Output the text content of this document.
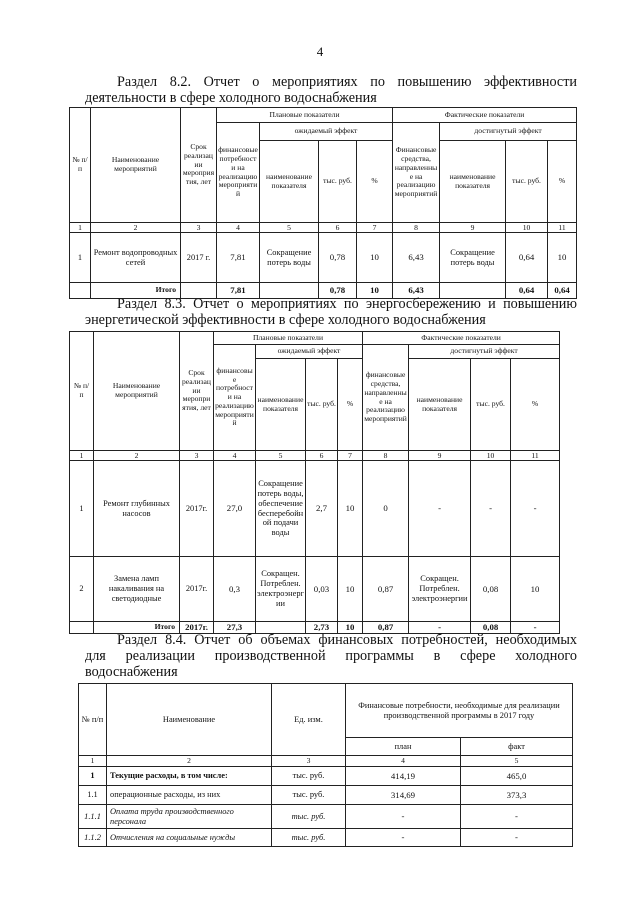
4
Раздел 8.2. Отчет о мероприятиях по повышению эффективности
деятельности в сфере холодного водоснабжения
№ п/ п	Наименование мероприятий	Срок реализации мероприятия, лет	Плановые показатели				Фактические показатели			
			финансовые потребности на реализацию мероприятий	ожидаемый эффект			Финансовые средства, направленные на реализацию мероприятий	достигнутый эффект		
				наименование показателя	тыс. руб.	%		наименование показателя	тыс. руб.	%
1	2	3	4	5	6	7	8	9	10	11
1	Ремонт водопроводных сетей	2017 г.	7,81	Сокращение потерь воды	0,78	10	6,43	Сокращение потерь воды	0,64	10
	Итого		7,81		0,78	10	6,43		0,64	0,64
Раздел 8.3. Отчет о мероприятиях по энергосбережению и повышению
энергетической эффективности в сфере холодного водоснабжения
№ п/ п	Наименование мероприятий	Срок реализации мероприятия, лет	Плановые показатели				Фактические показатели			
			финансовые потребности на реализацию мероприятий	ожидаемый эффект			финансовые средства, направленные на реализацию мероприятий	достигнутый эффект		
				наименование показателя	тыс. руб.	%		наименование показателя	тыс. руб.	%
1	2	3	4	5	6	7	8	9	10	11
1	Ремонт глубинных насосов	2017г.	27,0	Сокращение потерь воды, обеспечение бесперебойной подачи воды	2,7	10	0	-	-	-
2	Замена ламп накаливания на светодиодные	2017г.	0,3	Сокращен. Потреблен. электроэнергии	0,03	10	0,87	Сокращен. Потреблен. электроэнергии	0,08	10
	Итого	2017г.	27,3		2,73	10	0,87	-	0,08	-
Раздел 8.4. Отчет об объемах финансовых потребностей, необходимых
для реализации производственной программы в сфере холодного
водоснабжения
№ п/п	Наименование	Ед. изм.	Финансовые потребности, необходимые для реализации производственной программы в 2017 году	
			план	факт
1	2	3	4	5
1	Текущие расходы, в том числе:	тыс. руб.	414,19	465,0
1.1	операционные расходы, из них	тыс. руб.	314,69	373,3
1.1.1	Оплата труда производственного персонала	тыс. руб.	-	-
1.1.2	Отчисления на социальные нужды	тыс. руб.	-	-
